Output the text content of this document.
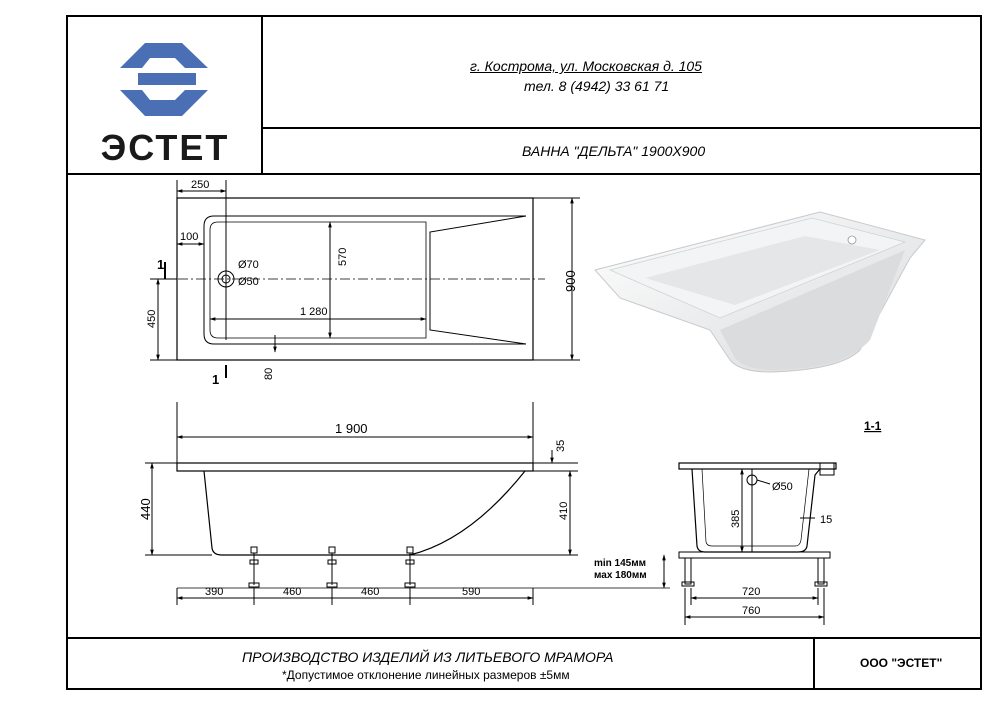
ЭСТЕТ
г. Кострома, ул. Московская д. 105
тел. 8 (4942) 33 61 71
ВАННА "ДЕЛЬТА" 1900Х900
ПРОИЗВОДСТВО ИЗДЕЛИЙ ИЗ ЛИТЬЕВОГО МРАМОРА
*Допустимое отклонение линейных размеров ±5мм
ООО "ЭСТЕТ"
250
100
570
1 280
450
80
900
Ø70
Ø50
1
1
1 900
35
440	410
390	460	460	590
min 145мм
мах 180мм
1-1
Ø50
385	15
720
760
